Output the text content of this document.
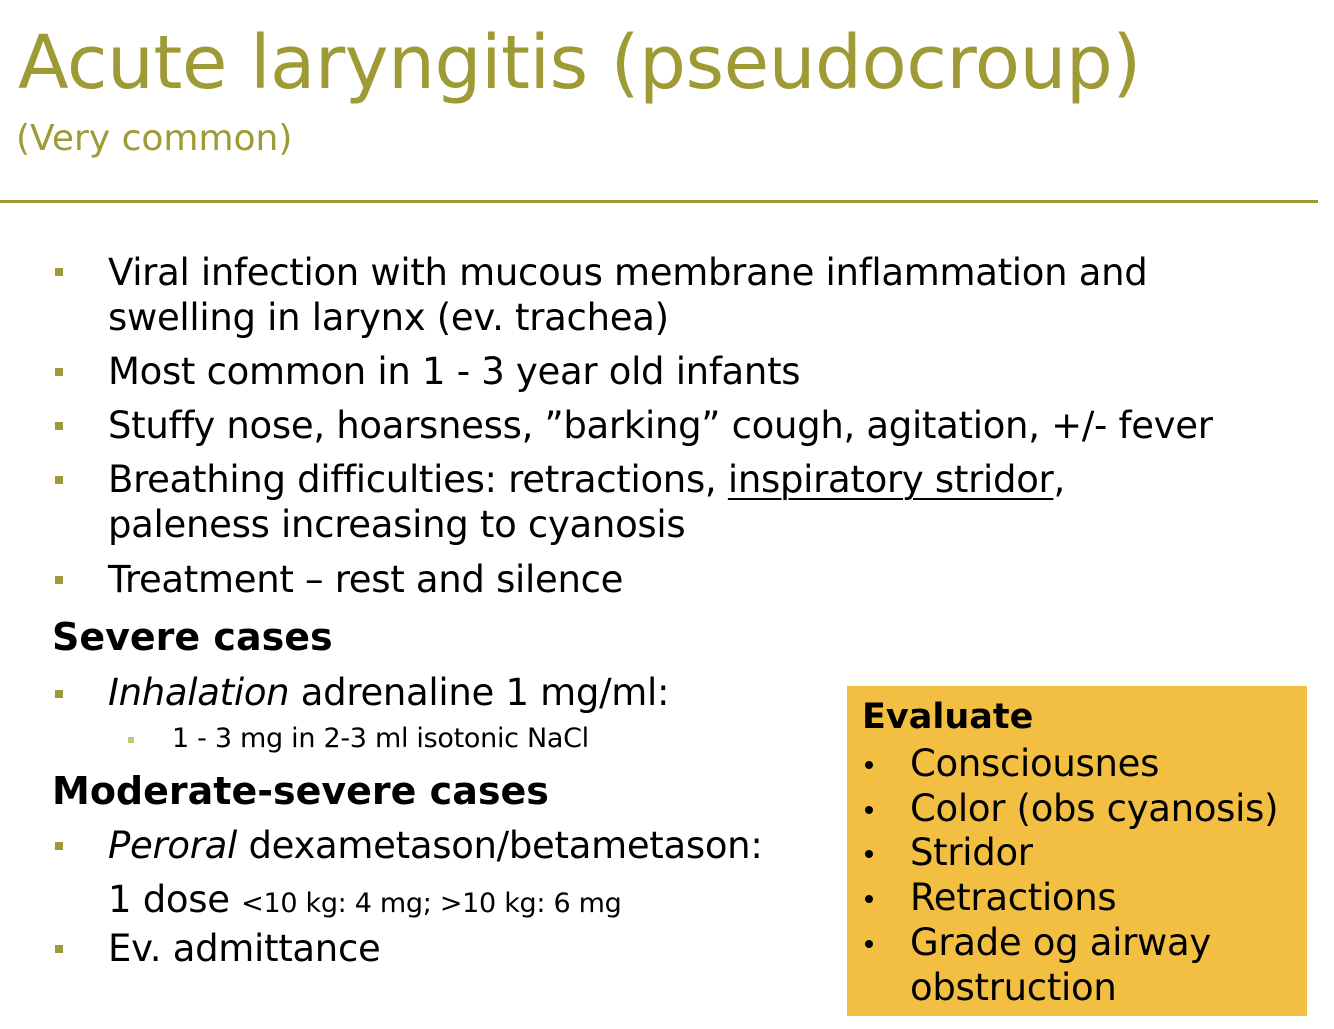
Acute laryngitis (pseudocroup)
(Very common)
Viral infection with mucous membrane inflammation and
swelling in larynx (ev. trachea)
Most common in 1 - 3 year old infants
Stuffy nose, hoarsness, ”barking” cough, agitation, +/- fever
Breathing difficulties: retractions, inspiratory stridor,
paleness increasing to cyanosis
Treatment – rest and silence
Severe cases
Inhalation adrenaline 1 mg/ml:
1 - 3 mg in 2-3 ml isotonic NaCl
Moderate-severe cases
Peroral dexametason/betametason:
1 dose <10 kg: 4 mg; >10 kg: 6 mg
Ev. admittance
Evaluate
Consciousnes
Color (obs cyanosis)
Stridor
Retractions
Grade og airway
obstruction
